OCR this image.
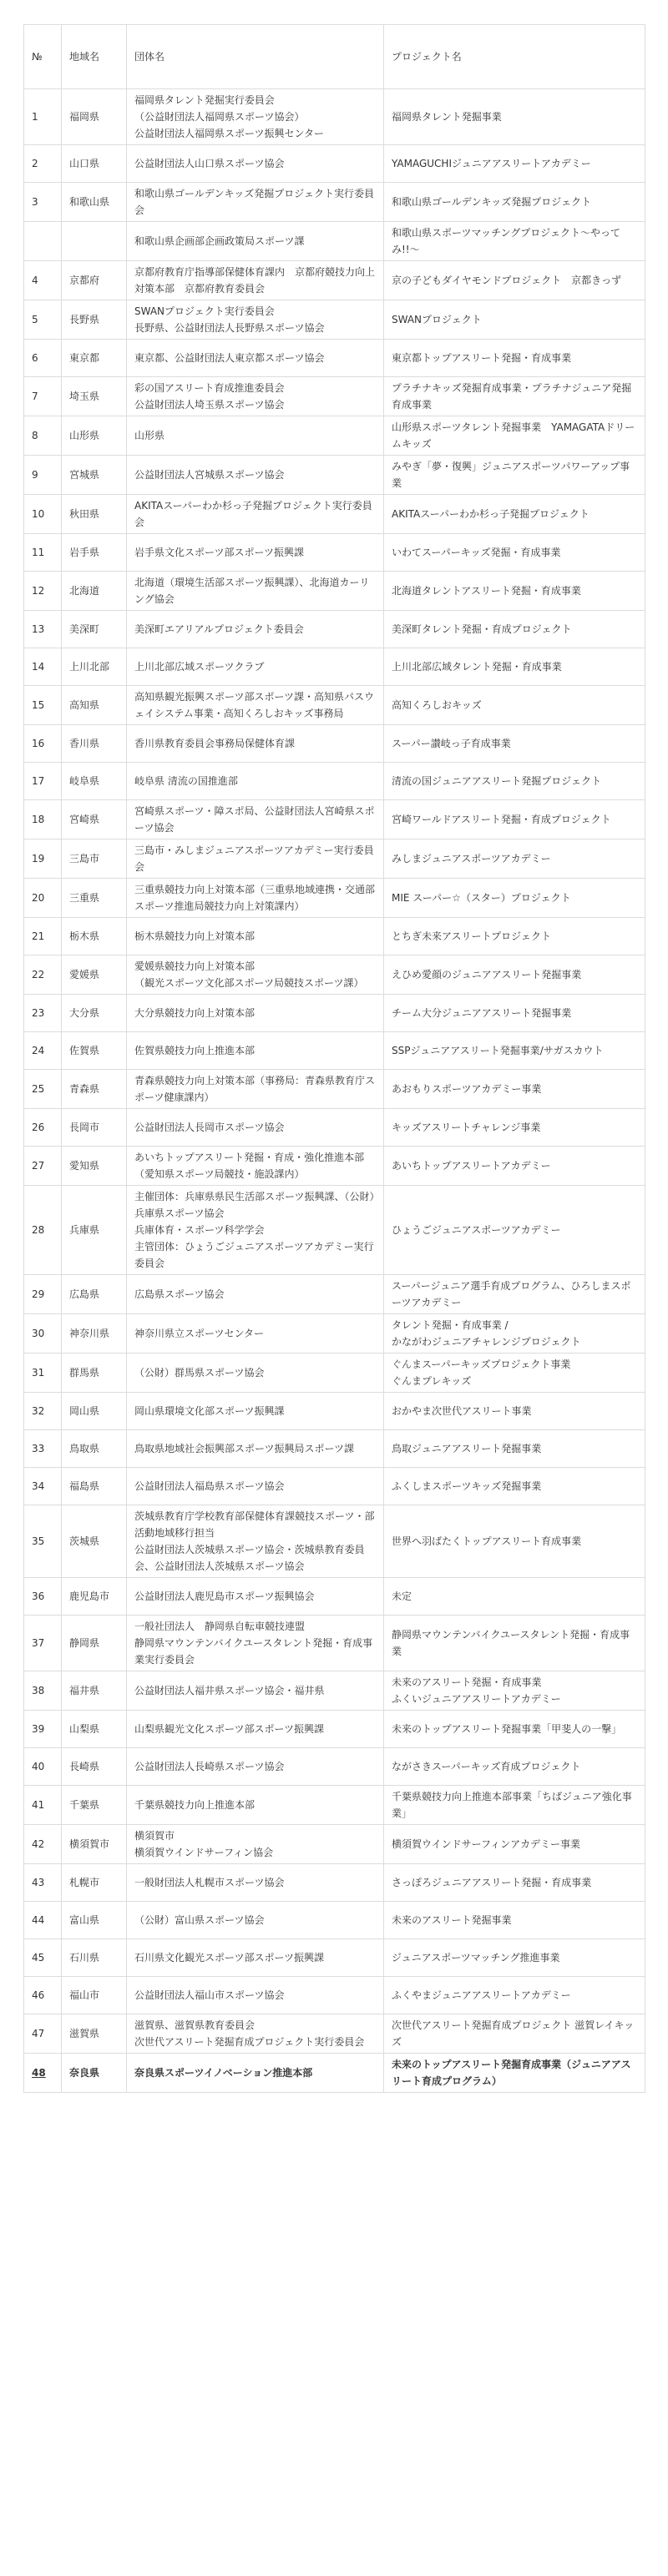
№	地域名	団体名	プロジェクト名
1	福岡県	福岡県タレント発掘実行委員会
（公益財団法人福岡県スポーツ協会）
公益財団法人福岡県スポーツ振興センター	福岡県タレント発掘事業
2	山口県	公益財団法人山口県スポーツ協会	YAMAGUCHIジュニアアスリートアカデミー
3	和歌山県	和歌山県ゴールデンキッズ発掘プロジェクト実行委員会	和歌山県ゴールデンキッズ発掘プロジェクト
		和歌山県企画部企画政策局スポーツ課	和歌山県スポーツマッチングプロジェクト～やってみ!!～
4	京都府	京都府教育庁指導部保健体育課内　京都府競技力向上対策本部　京都府教育委員会	京の子どもダイヤモンドプロジェクト　京都きっず
5	長野県	SWANプロジェクト実行委員会
長野県、公益財団法人長野県スポーツ協会	SWANプロジェクト
6	東京都	東京都、公益財団法人東京都スポーツ協会	東京都トップアスリート発掘・育成事業
7	埼玉県	彩の国アスリート育成推進委員会
公益財団法人埼玉県スポーツ協会	プラチナキッズ発掘育成事業・プラチナジュニア発掘育成事業
8	山形県	山形県	山形県スポーツタレント発掘事業　YAMAGATAドリームキッズ
9	宮城県	公益財団法人宮城県スポーツ協会	みやぎ「夢・復興」ジュニアスポーツパワーアップ事業
10	秋田県	AKITAスーパーわか杉っ子発掘プロジェクト実行委員会	AKITAスーパーわか杉っ子発掘プロジェクト
11	岩手県	岩手県文化スポーツ部スポーツ振興課	いわてスーパーキッズ発掘・育成事業
12	北海道	北海道（環境生活部スポーツ振興課）、北海道カーリング協会	北海道タレントアスリート発掘・育成事業
13	美深町	美深町エアリアルプロジェクト委員会	美深町タレント発掘・育成プロジェクト
14	上川北部	上川北部広域スポーツクラブ	上川北部広域タレント発掘・育成事業
15	高知県	高知県観光振興スポーツ部スポーツ課・高知県パスウェイシステム事業・高知くろしおキッズ事務局	高知くろしおキッズ
16	香川県	香川県教育委員会事務局保健体育課	スーパー讃岐っ子育成事業
17	岐阜県	岐阜県 清流の国推進部	清流の国ジュニアアスリート発掘プロジェクト
18	宮崎県	宮崎県スポーツ・障スポ局、公益財団法人宮崎県スポーツ協会	宮崎ワールドアスリート発掘・育成プロジェクト
19	三島市	三島市・みしまジュニアスポーツアカデミー実行委員会	みしまジュニアスポーツアカデミー
20	三重県	三重県競技力向上対策本部（三重県地域連携・交通部スポーツ推進局競技力向上対策課内）	MIE スーパー☆（スター）プロジェクト
21	栃木県	栃木県競技力向上対策本部	とちぎ未来アスリートプロジェクト
22	愛媛県	愛媛県競技力向上対策本部
（観光スポーツ文化部スポーツ局競技スポーツ課）	えひめ愛顔のジュニアアスリート発掘事業
23	大分県	大分県競技力向上対策本部	チーム大分ジュニアアスリート発掘事業
24	佐賀県	佐賀県競技力向上推進本部	SSPジュニアアスリート発掘事業/サガスカウト
25	青森県	青森県競技力向上対策本部（事務局：青森県教育庁スポーツ健康課内）	あおもりスポーツアカデミー事業
26	長岡市	公益財団法人長岡市スポーツ協会	キッズアスリートチャレンジ事業
27	愛知県	あいちトップアスリート発掘・育成・強化推進本部（愛知県スポーツ局競技・施設課内）	あいちトップアスリートアカデミー
28	兵庫県	主催団体：兵庫県県民生活部スポーツ振興課、（公財）兵庫県スポーツ協会
兵庫体育・スポーツ科学学会
主管団体：ひょうごジュニアスポーツアカデミー実行委員会	ひょうごジュニアスポーツアカデミー
29	広島県	広島県スポーツ協会	スーパージュニア選手育成プログラム、ひろしまスポーツアカデミー
30	神奈川県	神奈川県立スポーツセンター	タレント発掘・育成事業 /
かながわジュニアチャレンジプロジェクト
31	群馬県	（公財）群馬県スポーツ協会	ぐんまスーパーキッズプロジェクト事業
ぐんまプレキッズ
32	岡山県	岡山県環境文化部スポーツ振興課	おかやま次世代アスリート事業
33	鳥取県	鳥取県地域社会振興部スポーツ振興局スポーツ課	鳥取ジュニアアスリート発掘事業
34	福島県	公益財団法人福島県スポーツ協会	ふくしまスポーツキッズ発掘事業
35	茨城県	茨城県教育庁学校教育部保健体育課競技スポーツ・部活動地域移行担当
公益財団法人茨城県スポーツ協会・茨城県教育委員会、公益財団法人茨城県スポーツ協会	世界へ羽ばたくトップアスリート育成事業
36	鹿児島市	公益財団法人鹿児島市スポーツ振興協会	未定
37	静岡県	一般社団法人　静岡県自転車競技連盟
静岡県マウンテンバイクユースタレント発掘・育成事業実行委員会	静岡県マウンテンバイクユースタレント発掘・育成事業
38	福井県	公益財団法人福井県スポーツ協会・福井県	未来のアスリート発掘・育成事業
ふくいジュニアアスリートアカデミー
39	山梨県	山梨県観光文化スポーツ部スポーツ振興課	未来のトップアスリート発掘事業「甲斐人の一撃」
40	長崎県	公益財団法人長崎県スポーツ協会	ながさきスーパーキッズ育成プロジェクト
41	千葉県	千葉県競技力向上推進本部	千葉県競技力向上推進本部事業「ちばジュニア強化事業」
42	横須賀市	横須賀市
横須賀ウインドサーフィン協会	横須賀ウインドサーフィンアカデミー事業
43	札幌市	一般財団法人札幌市スポーツ協会	さっぽろジュニアアスリート発掘・育成事業
44	富山県	（公財）富山県スポーツ協会	未来のアスリート発掘事業
45	石川県	石川県文化観光スポーツ部スポーツ振興課	ジュニアスポーツマッチング推進事業
46	福山市	公益財団法人福山市スポーツ協会	ふくやまジュニアアスリートアカデミー
47	滋賀県	滋賀県、滋賀県教育委員会
次世代アスリート発掘育成プロジェクト実行委員会	次世代アスリート発掘育成プロジェクト 滋賀レイキッズ
48	奈良県	奈良県スポーツイノベーション推進本部	未来のトップアスリート発掘育成事業（ジュニアアスリート育成プログラム）
